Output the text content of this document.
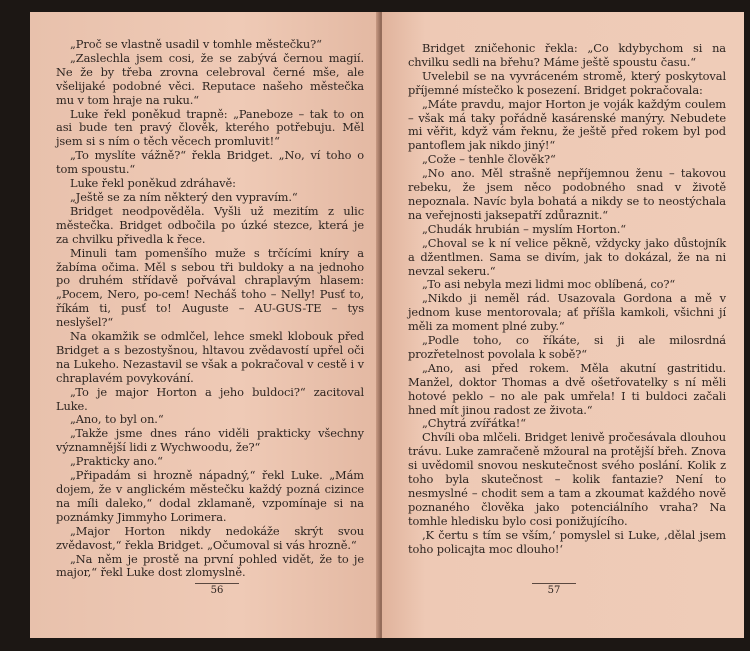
„Proč se vlastně usadil v tomhle městečku?“

„Zaslechla jsem cosi, že se zabývá černou magií. Ne že by třeba zrovna celebroval černé mše, ale všelijaké podobné věci. Reputace našeho městečka mu v tom hraje na ruku.“

Luke řekl poněkud trapně: „Paneboze – tak to on asi bude ten pravý člověk, kterého potřebuju. Měl jsem si s ním o těch věcech promluvit!“

„To myslíte vážně?“ řekla Bridget. „No, ví toho o tom spoustu.“

Luke řekl poněkud zdráhavě:

„Ještě se za ním některý den vypravím.“

Bridget neodpověděla. Vyšli už mezitím z ulic městečka. Bridget odbočila po úzké stezce, která je za chvilku přivedla k řece.

Minuli tam pomenšího muže s trčícími kníry a žabíma očima. Měl s sebou tři buldoky a na jednoho po druhém střídavě pořvával chraplavým hlasem: „Pocem, Nero, po-cem! Necháš toho – Nelly! Pusť to, říkám ti, pusť to! Auguste – AU-GUS-TE – tys neslyšel?“

Na okamžik se odmlčel, lehce smekl klobouk před Bridget a s bezostyšnou, hltavou zvědavostí upřel oči na Lukeho. Nezastavil se však a pokračoval v cestě i v chraplavém povykování.

„To je major Horton a jeho buldoci?“ zacitoval Luke.

„Ano, to byl on.“

„Takže jsme dnes ráno viděli prakticky všechny významnější lidi z Wychwoodu, že?“

„Prakticky ano.“

„Připadám si hrozně nápadný,“ řekl Luke. „Mám dojem, že v anglickém městečku každý pozná cizince na míli daleko,“ dodal zklamaně, vzpomínaje si na poznámky Jimmyho Lorimera.

„Major Horton nikdy nedokáže skrýt svou zvědavost,“ řekla Bridget. „Očumoval si vás hrozně.“

„Na něm je prostě na první pohled vidět, že to je major,“ řekl Luke dost zlomyslně.

56

Bridget zničehonic řekla: „Co kdybychom si na chvilku sedli na břehu? Máme ještě spoustu času.“

Uvelebil se na vyvráceném stromě, který poskytoval příjemné místečko k posezení. Bridget pokračovala:

„Máte pravdu, major Horton je voják každým coulem – však má taky pořádně kasárenské manýry. Nebudete mi věřit, když vám řeknu, že ještě před rokem byl pod pantoflem jak nikdo jiný!“

„Cože – tenhle člověk?“

„No ano. Měl strašně nepříjemnou ženu – takovou rebeku, že jsem něco podobného snad v životě nepoznala. Navíc byla bohatá a nikdy se to neostýchala na veřejnosti jaksepatří zdůraznit.“

„Chudák hrubián – myslím Horton.“

„Choval se k ní velice pěkně, vždycky jako důstojník a džentlmen. Sama se divím, jak to dokázal, že na ni nevzal sekeru.“

„To asi nebyla mezi lidmi moc oblíbená, co?“

„Nikdo ji neměl rád. Usazovala Gordona a mě v jednom kuse mentorovala; ať příšla kamkoli, všichni jí měli za moment plné zuby.“

„Podle toho, co říkáte, si ji ale milosrdná prozřetelnost povolala k sobě?“

„Ano, asi před rokem. Měla akutní gastritidu. Manžel, doktor Thomas a dvě ošetřovatelky s ní měli hotové peklo – no ale pak umřela! I ti buldoci začali hned mít jinou radost ze života.“

„Chytrá zvířátka!“

Chvíli oba mlčeli. Bridget lenivě pročesávala dlouhou trávu. Luke zamračeně mžoural na protější břeh. Znova si uvědomil snovou neskutečnost svého poslání. Kolik z toho byla skutečnost – kolik fantazie? Není to nesmyslné – chodit sem a tam a zkoumat každého nově poznaného člověka jako potenciálního vraha? Na tomhle hledisku bylo cosi ponižujícího.

‚K čertu s tím se vším,‘ pomyslel si Luke, ‚dělal jsem toho policajta moc dlouho!‘

57
